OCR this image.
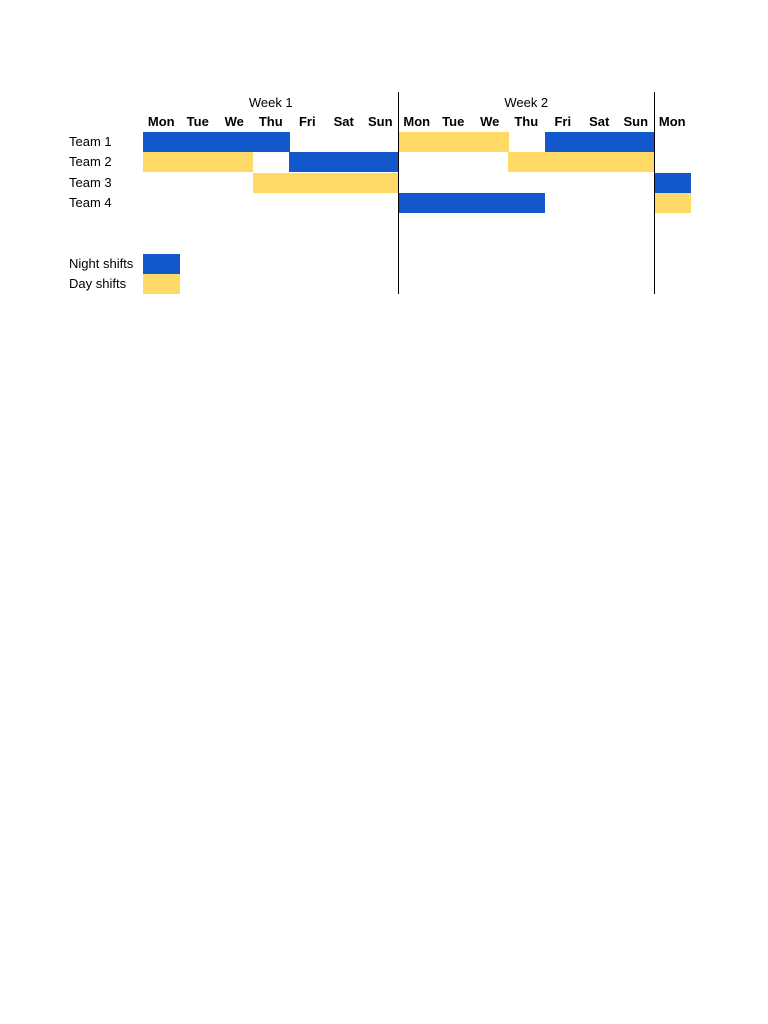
Week 1	Week 2
Mon Tue	We	Thu	Fri	Sat	Sun Mon Tue	We	Thu	Fri	Sat	Sun Mon
Team 1
Team 2
Team 3
Team 4
Night shifts
Day shifts
